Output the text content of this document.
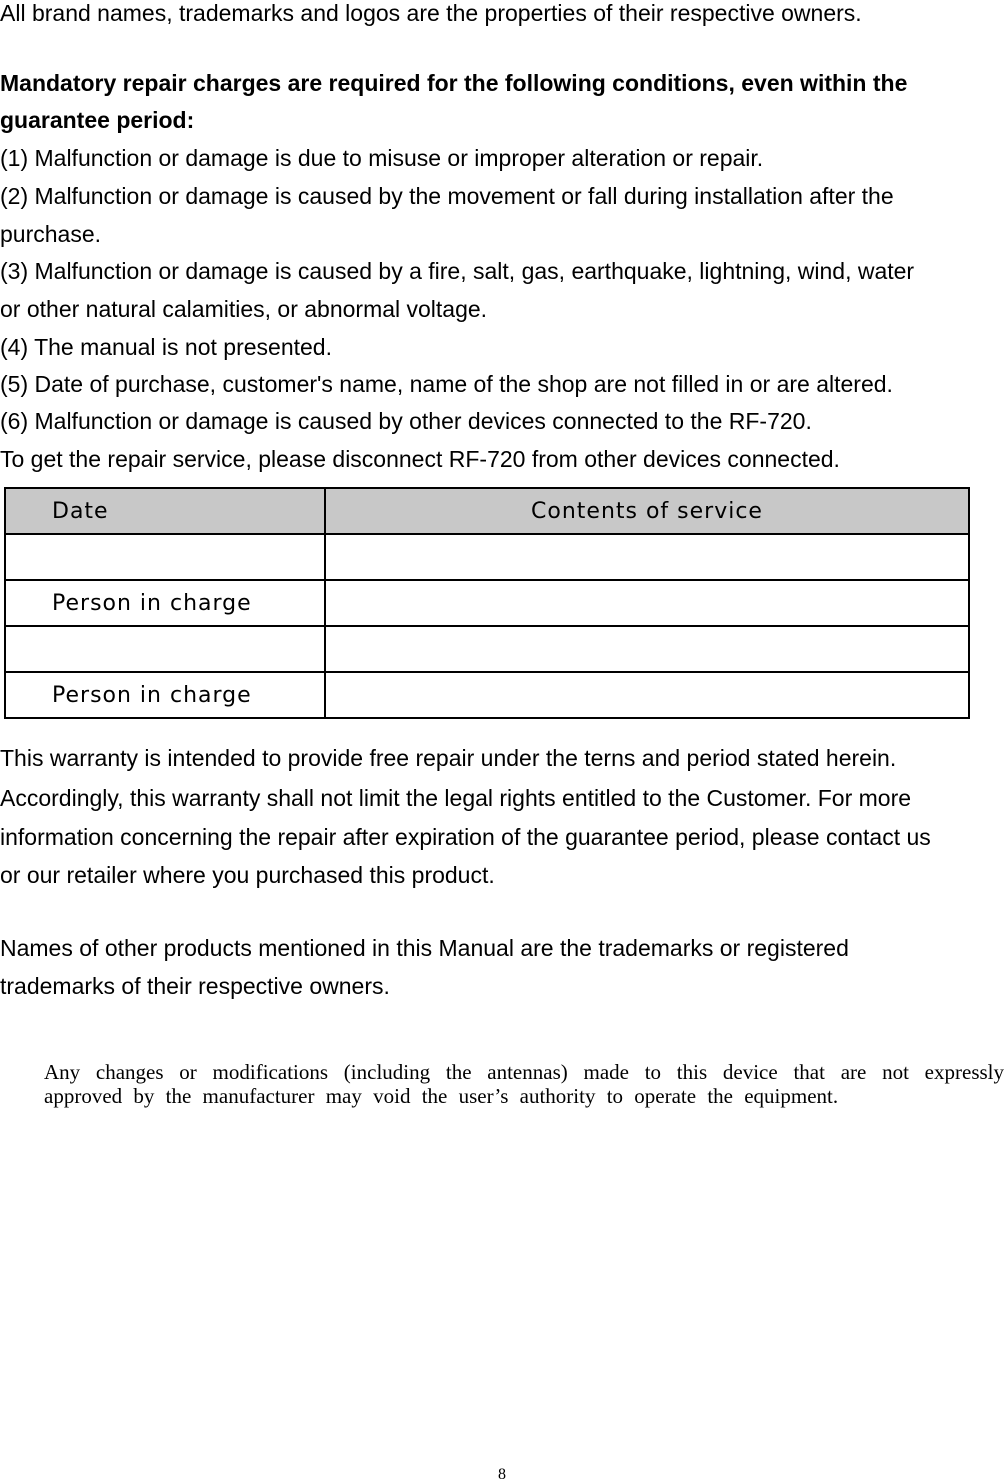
All brand names, trademarks and logos are the properties of their respective owners.
Mandatory repair charges are required for the following conditions, even within the
guarantee period:
(1) Malfunction or damage is due to misuse or improper alteration or repair.
(2) Malfunction or damage is caused by the movement or fall during installation after the
purchase.
(3) Malfunction or damage is caused by a fire, salt, gas, earthquake, lightning, wind, water
or other natural calamities, or abnormal voltage.
(4) The manual is not presented.
(5) Date of purchase, customer's name, name of the shop are not filled in or are altered.
(6) Malfunction or damage is caused by other devices connected to the RF-720.
To get the repair service, please disconnect RF-720 from other devices connected.
Date	Contents of service

Person in charge	

Person in charge	
This warranty is intended to provide free repair under the terns and period stated herein.
Accordingly, this warranty shall not limit the legal rights entitled to the Customer. For more
information concerning the repair after expiration of the guarantee period, please contact us
or our retailer where you purchased this product.
Names of other products mentioned in this Manual are the trademarks or registered
trademarks of their respective owners.
Any changes or modifications (including the antennas) made to this device that are not expressly approved by the manufacturer may void the user’s authority to operate the equipment.
8
